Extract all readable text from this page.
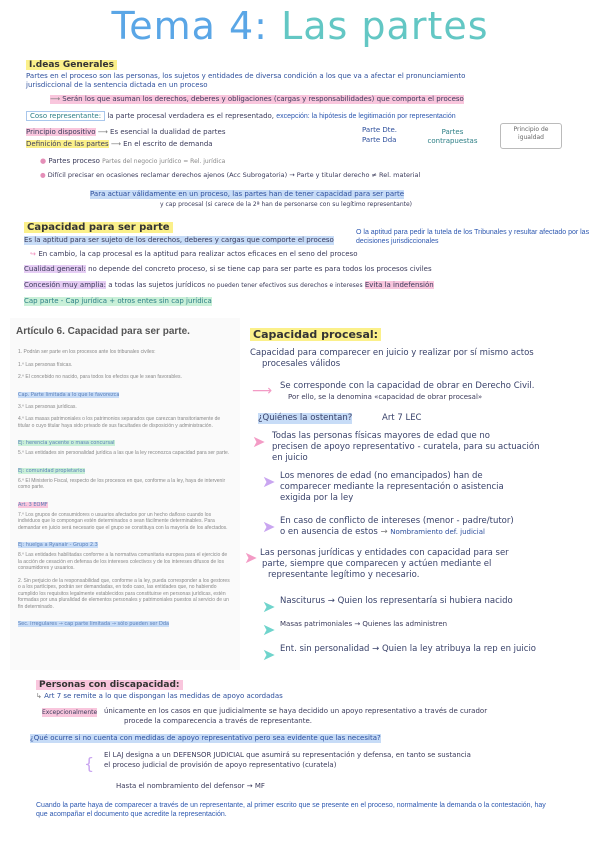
Tema 4: Las partes
I.deas Generales
Partes en el proceso son las personas, los sujetos y entidades de diversa condición a los que va a afectar el pronunciamiento
jurisdiccional de la sentencia dictada en un proceso
⟶ Serán los que asuman los derechos, deberes y obligaciones (cargas y responsabilidades) que comporta el proceso
Coso representante: la parte procesal verdadera es el representado, excepción: la hipótesis de legitimación por representación
Principio dispositivo ⟶ Es esencial la dualidad de partes	Parte Dte.
Parte Dda
Partes contrapuestas
Principio de igualdad
Definición de las partes ⟶ En el escrito de demanda
● Partes proceso Partes del negocio jurídico = Rel. jurídica
● Difícil precisar en ocasiones reclamar derechos ajenos (Acc Subrogatoria) → Parte y titular derecho ≠ Rel. material
Para actuar válidamente en un proceso, las partes han de tener capacidad para ser parte
y cap procesal (si carece de la 2ª han de personarse con su legítimo representante)
Capacidad para ser parte	O la aptitud para pedir la tutela de los Tribunales y resultar afectado por las decisiones jurisdiccionales
Es la aptitud para ser sujeto de los derechos, deberes y cargas que comporte el proceso
↪ En cambio, la cap procesal es la aptitud para realizar actos eficaces en el seno del proceso
Cualidad general: no depende del concreto proceso, si se tiene cap para ser parte es para todos los procesos civiles
Concesión muy amplia: a todas las sujetos jurídicos no pueden tener efectivos sus derechos e intereses Evita la indefensión
Cap parte - Cap jurídica + otros entes sin cap jurídica
Artículo 6. Capacidad para ser parte.
1. Podrán ser parte en los procesos ante los tribunales civiles:
1.º Las personas físicas.
2.º El concebido no nacido, para todos los efectos que le sean favorables.
Cap. Parte limitada a lo que le favorezca
3.º Las personas jurídicas.
4.º Las masas patrimoniales o los patrimonios separados que carezcan transitoriamente de titular o cuyo titular haya sido privado de sus facultades de disposición y administración.
Ej: herencia yacente o masa concursal
5.º Las entidades sin personalidad jurídica a las que la ley reconozca capacidad para ser parte.
Ej: comunidad propietarios
6.º El Ministerio Fiscal, respecto de los procesos en que, conforme a la ley, haya de intervenir como parte.
Art. 3 EOMF
7.º Los grupos de consumidores o usuarios afectados por un hecho dañoso cuando los individuos que lo compongan estén determinados o sean fácilmente determinables. Para demandar en juicio será necesario que el grupo se constituya con la mayoría de los afectados.
Ej: huelga a Ryanair - Grupo 2.3
8.º Las entidades habilitadas conforme a la normativa comunitaria europea para el ejercicio de la acción de cesación en defensa de los intereses colectivos y de los intereses difusos de los consumidores y usuarios.
2. Sin perjuicio de la responsabilidad que, conforme a la ley, pueda corresponder a los gestores o a los partícipes, podrán ser demandadas, en todo caso, las entidades que, no habiendo cumplido los requisitos legalmente establecidos para constituirse en personas jurídicas, estén formadas por una pluralidad de elementos personales y patrimoniales puestos al servicio de un fin determinado.
Sec. irregulares → cap parte limitada → sólo pueden ser Dda
Capacidad procesal:
Capacidad para comparecer en juicio y realizar por sí mismo actos
procesales válidos
⟶ Se corresponde con la capacidad de obrar en Derecho Civil.
Por ello, se la denomina «capacidad de obrar procesal»
¿Quiénes la ostentan?	Art 7 LEC
➤ Todas las personas físicas mayores de edad que no
precisen de apoyo representativo - curatela, para su actuación
en juicio
➤ Los menores de edad (no emancipados) han de
comparecer mediante la representación o asistencia
exigida por la ley
➤ En caso de conflicto de intereses (menor - padre/tutor)
o en ausencia de estos → Nombramiento def. judicial
➤ Las personas jurídicas y entidades con capacidad para ser
parte, siempre que comparecen y actúen mediante el
representante legítimo y necesario.
➤ Nasciturus → Quien los representaría si hubiera nacido
➤ Masas patrimoniales → Quienes las administren
➤ Ent. sin personalidad → Quien la ley atribuya la rep en juicio
Personas con discapacidad:
↳ Art 7 se remite a lo que dispongan las medidas de apoyo acordadas
Excepcionalmente únicamente en los casos en que judicialmente se haya decidido un apoyo representativo a través de curador
procede la comparecencia a través de representante.
¿Qué ocurre si no cuenta con medidas de apoyo representativo pero sea evidente que las necesita?
{ El LAJ designa a un DEFENSOR JUDICIAL que asumirá su representación y defensa, en tanto se sustancia
el proceso judicial de provisión de apoyo representativo (curatela)
Hasta el nombramiento del defensor → MF
Cuando la parte haya de comparecer a través de un representante, al primer escrito que se presente en el proceso, normalmente la demanda o la contestación, hay que acompañar el documento que acredite la representación.
